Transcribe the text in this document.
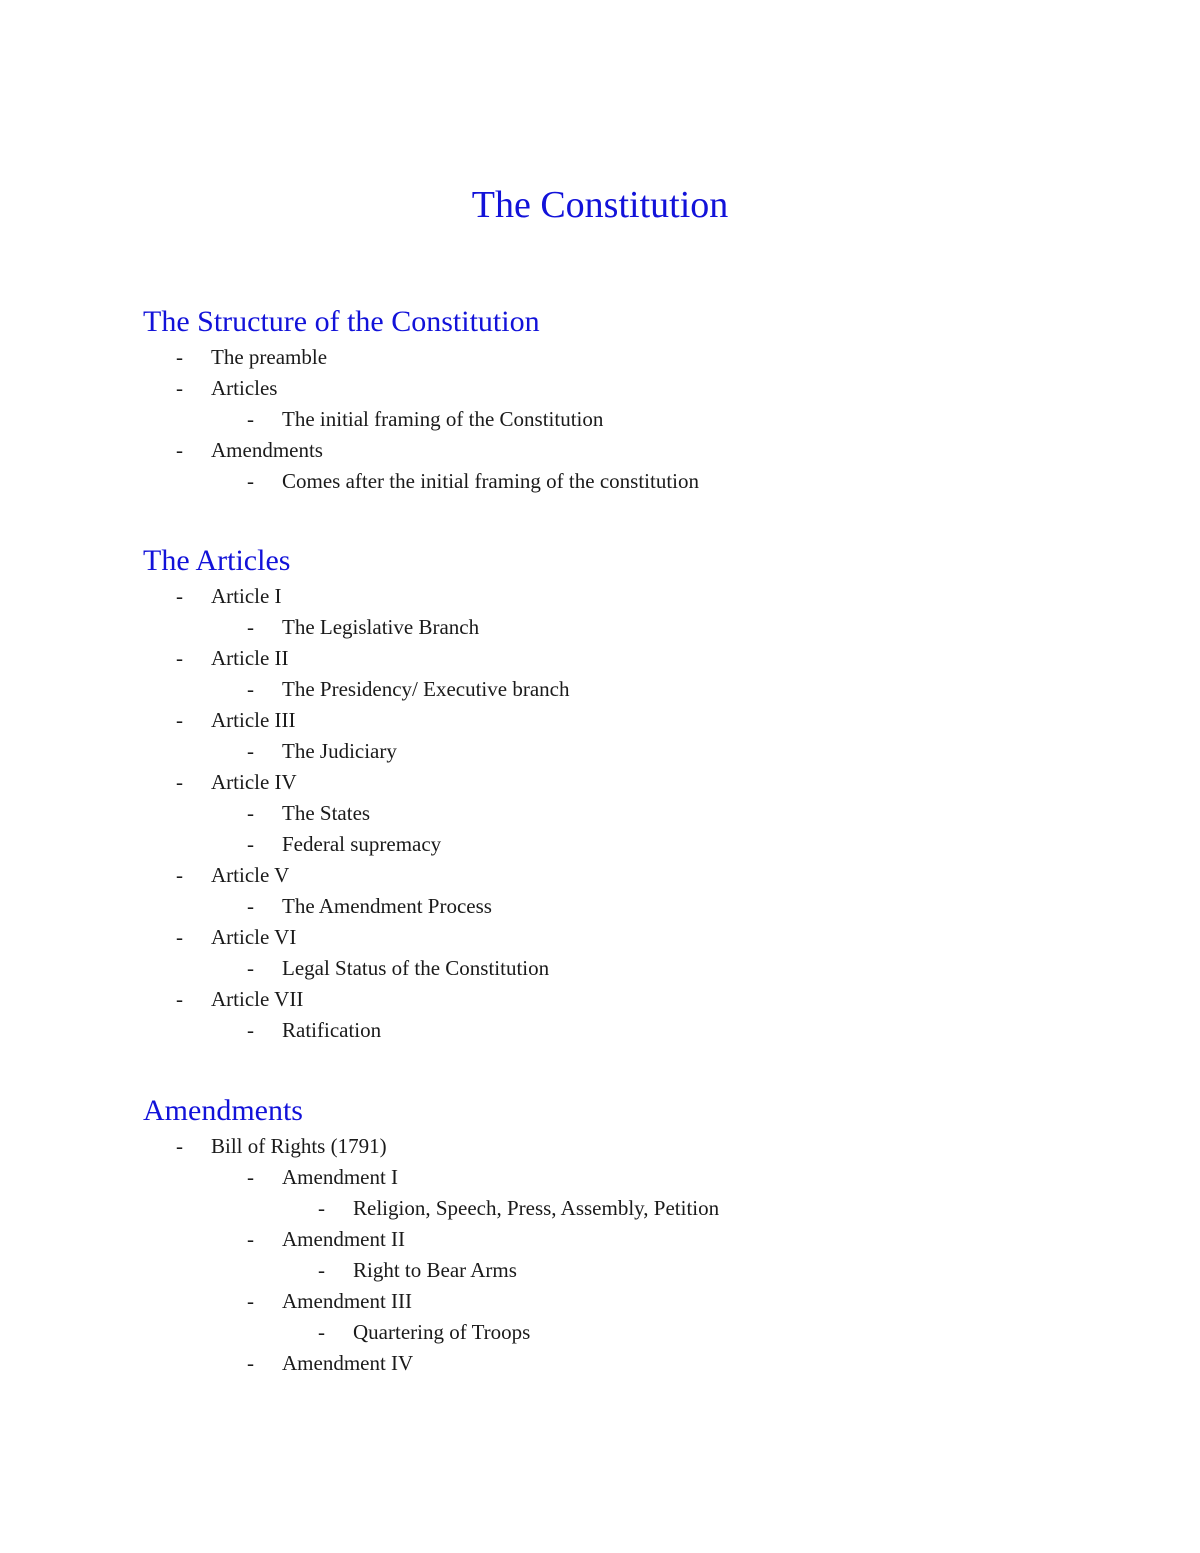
The Constitution
The Structure of the Constitution
- The preamble
- Articles
- The initial framing of the Constitution
- Amendments
- Comes after the initial framing of the constitution
The Articles
- Article I
- The Legislative Branch
- Article II
- The Presidency/ Executive branch
- Article III
- The Judiciary
- Article IV
- The States
- Federal supremacy
- Article V
- The Amendment Process
- Article VI
- Legal Status of the Constitution
- Article VII
- Ratification
Amendments
- Bill of Rights (1791)
- Amendment I
- Religion, Speech, Press, Assembly, Petition
- Amendment II
- Right to Bear Arms
- Amendment III
- Quartering of Troops
- Amendment IV
